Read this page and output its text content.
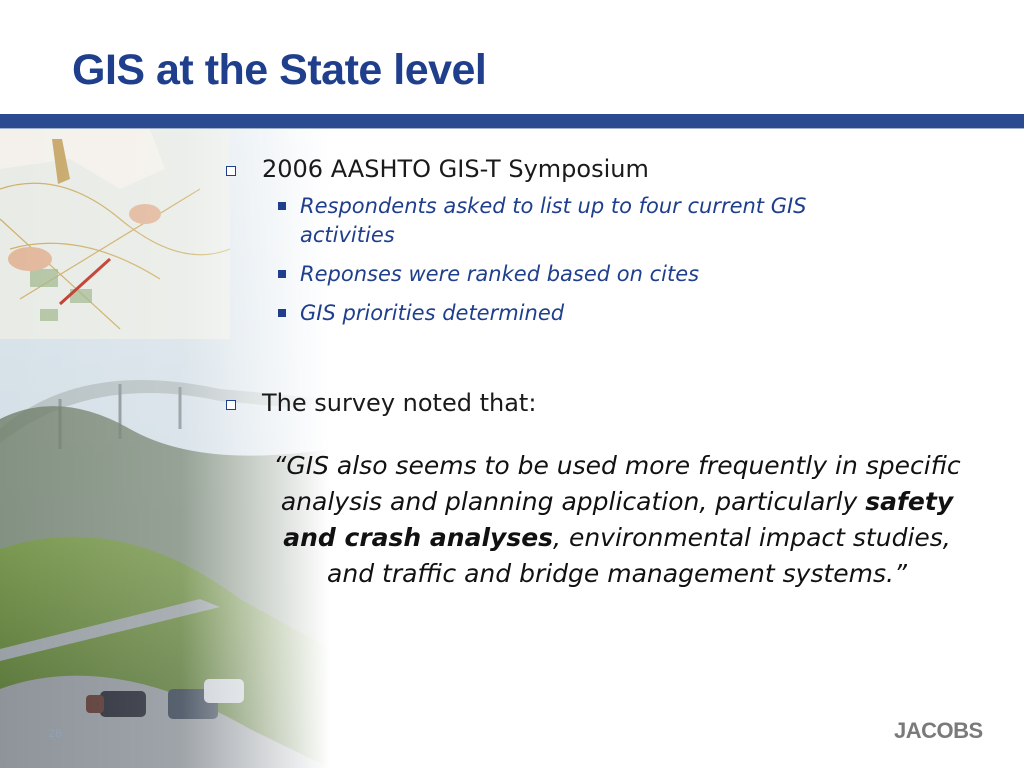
GIS at the State level
2006 AASHTO GIS-T Symposium
Respondents asked to list up to four current GIS activities
Reponses were ranked based on cites
GIS priorities determined
The survey noted that:
“GIS also seems to be used more frequently in specific analysis and planning application, particularly safety and crash analyses, environmental impact studies, and traffic and bridge management systems.”
28	JACOBS
